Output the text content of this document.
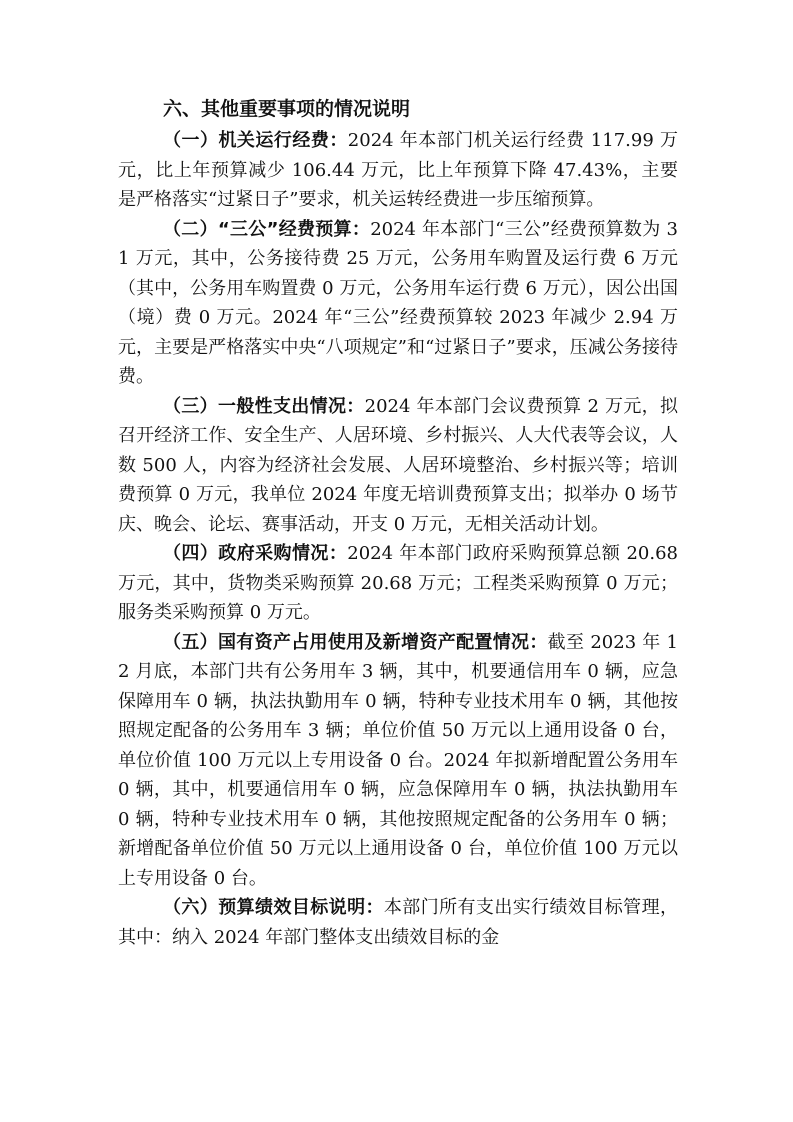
六、其他重要事项的情况说明

（一）机关运行经费：2024 年本部门机关运行经费 117.99 万元，比上年预算减少 106.44 万元，比上年预算下降 47.43%，主要是严格落实“过紧日子”要求，机关运转经费进一步压缩预算。

（二）“三公”经费预算：2024 年本部门“三公”经费预算数为 31 万元，其中，公务接待费 25 万元，公务用车购置及运行费 6 万元（其中，公务用车购置费 0 万元，公务用车运行费 6 万元），因公出国（境）费 0 万元。2024 年“三公”经费预算较 2023 年减少 2.94 万元，主要是严格落实中央“八项规定”和“过紧日子”要求，压减公务接待费。

（三）一般性支出情况：2024 年本部门会议费预算 2 万元，拟召开经济工作、安全生产、人居环境、乡村振兴、人大代表等会议，人数 500 人，内容为经济社会发展、人居环境整治、乡村振兴等；培训费预算 0 万元，我单位 2024 年度无培训费预算支出；拟举办 0 场节庆、晚会、论坛、赛事活动，开支 0 万元，无相关活动计划。

（四）政府采购情况：2024 年本部门政府采购预算总额 20.68 万元，其中，货物类采购预算 20.68 万元；工程类采购预算 0 万元；服务类采购预算 0 万元。

（五）国有资产占用使用及新增资产配置情况：截至 2023 年 12 月底，本部门共有公务用车 3 辆，其中，机要通信用车 0 辆，应急保障用车 0 辆，执法执勤用车 0 辆，特种专业技术用车 0 辆，其他按照规定配备的公务用车 3 辆；单位价值 50 万元以上通用设备 0 台，单位价值 100 万元以上专用设备 0 台。2024 年拟新增配置公务用车 0 辆，其中，机要通信用车 0 辆，应急保障用车 0 辆，执法执勤用车 0 辆，特种专业技术用车 0 辆，其他按照规定配备的公务用车 0 辆；新增配备单位价值 50 万元以上通用设备 0 台，单位价值 100 万元以上专用设备 0 台。

（六）预算绩效目标说明：本部门所有支出实行绩效目标管理，其中：纳入 2024 年部门整体支出绩效目标的金
